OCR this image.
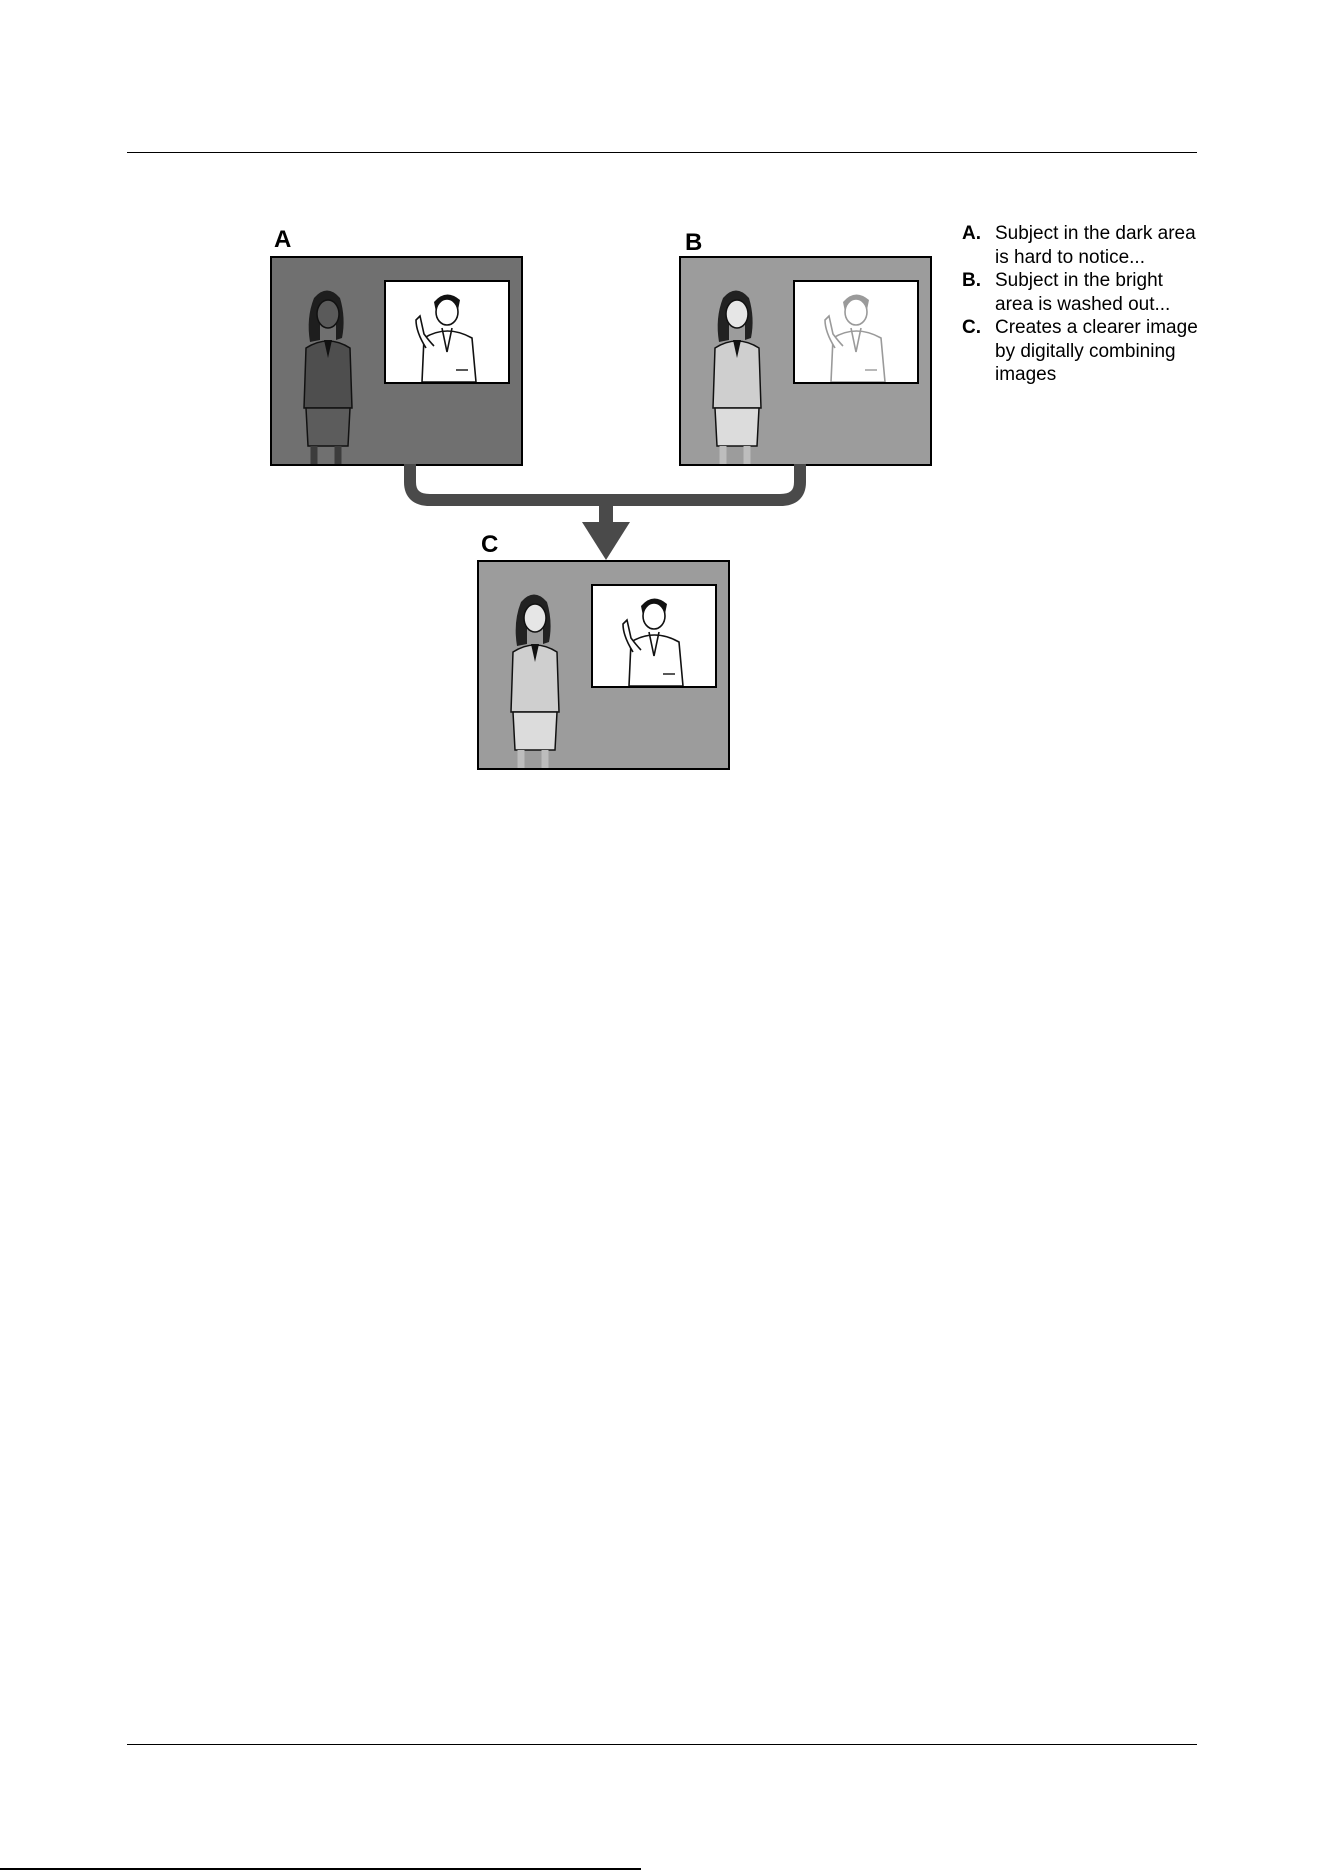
A	B
C
A. Subject in the dark area is hard to notice...
B. Subject in the bright area is washed out...
C. Creates a clearer image by digitally combining images
